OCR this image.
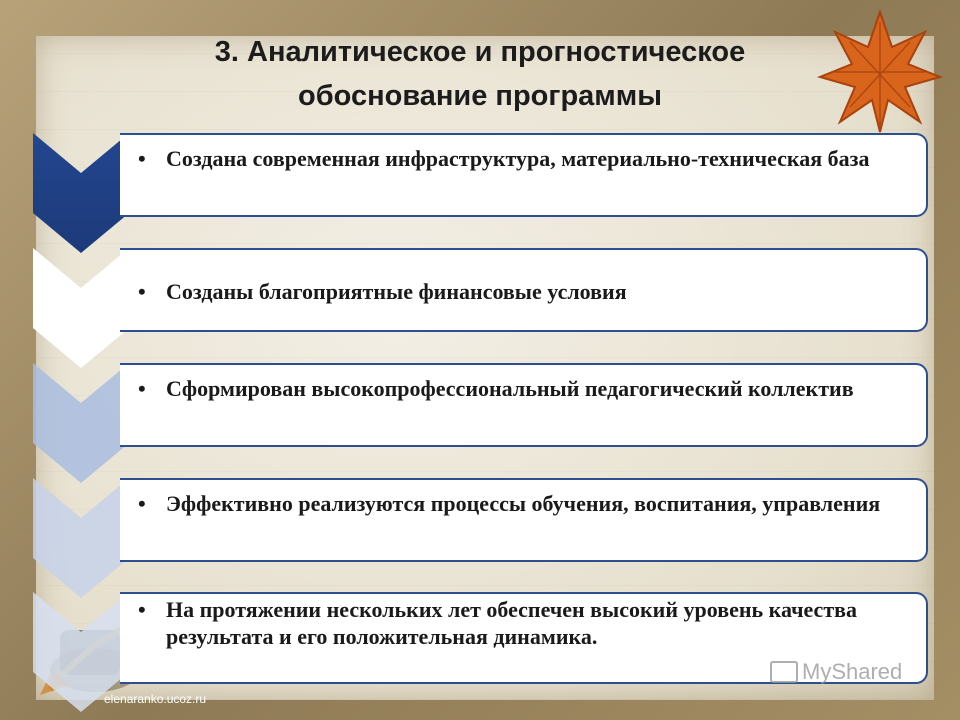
3. Аналитическое и прогностическое
обоснование программы
• Создана современная инфраструктура, материально-техническая база
• Созданы благоприятные финансовые условия
• Сформирован высокопрофессиональный педагогический коллектив
• Эффективно реализуются процессы обучения, воспитания, управления
• На протяжении нескольких лет обеспечен высокий уровень качества результата и его положительная динамика.
MyShared
elenaranko.ucoz.ru
